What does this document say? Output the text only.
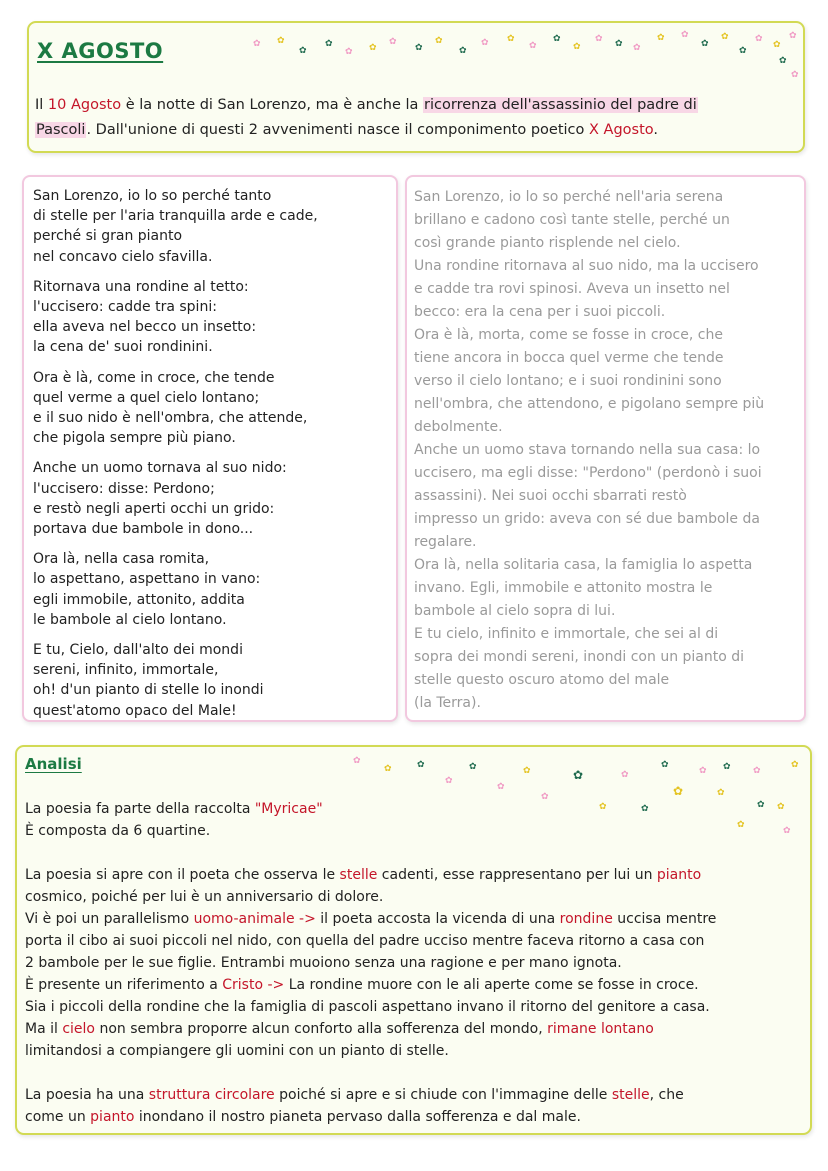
X AGOSTO
Il 10 Agosto è la notte di San Lorenzo, ma è anche la ricorrenza dell'assassinio del padre di
Pascoli. Dall'unione di questi 2 avvenimenti nasce il componimento poetico X Agosto.
✿ ✿
✿
✿
✿ ✿
✿
✿
✿
✿
✿ ✿
✿
✿
✿
✿ ✿ ✿
✿ ✿
✿
✿
✿
✿
✿
✿
✿
✿
San Lorenzo, io lo so perché tanto
di stelle per l'aria tranquilla arde e cade,
perché si gran pianto
nel concavo cielo sfavilla.
Ritornava una rondine al tetto:
l'uccisero: cadde tra spini:
ella aveva nel becco un insetto:
la cena de' suoi rondinini.
Ora è là, come in croce, che tende
quel verme a quel cielo lontano;
e il suo nido è nell'ombra, che attende,
che pigola sempre più piano.
Anche un uomo tornava al suo nido:
l'uccisero: disse: Perdono;
e restò negli aperti occhi un grido:
portava due bambole in dono...
Ora là, nella casa romita,
lo aspettano, aspettano in vano:
egli immobile, attonito, addita
le bambole al cielo lontano.
E tu, Cielo, dall'alto dei mondi
sereni, infinito, immortale,
oh! d'un pianto di stelle lo inondi
quest'atomo opaco del Male!
San Lorenzo, io lo so perché nell'aria serena
brillano e cadono così tante stelle, perché un
così grande pianto risplende nel cielo.
Una rondine ritornava al suo nido, ma la uccisero
e cadde tra rovi spinosi. Aveva un insetto nel
becco: era la cena per i suoi piccoli.
Ora è là, morta, come se fosse in croce, che
tiene ancora in bocca quel verme che tende
verso il cielo lontano; e i suoi rondinini sono
nell'ombra, che attendono, e pigolano sempre più
debolmente.
Anche un uomo stava tornando nella sua casa: lo
uccisero, ma egli disse: "Perdono" (perdonò i suoi
assassini). Nei suoi occhi sbarrati restò
impresso un grido: aveva con sé due bambole da
regalare.
Ora là, nella solitaria casa, la famiglia lo aspetta
invano. Egli, immobile e attonito mostra le
bambole al cielo sopra di lui.
E tu cielo, infinito e immortale, che sei al di
sopra dei mondi sereni, inondi con un pianto di
stelle questo oscuro atomo del male
(la Terra).
Analisi

La poesia fa parte della raccolta "Myricae"

È composta da 6 quartine.

La poesia si apre con il poeta che osserva le stelle cadenti, esse rappresentano per lui un pianto

cosmico, poiché per lui è un anniversario di dolore.

Vi è poi un parallelismo uomo-animale -> il poeta accosta la vicenda di una rondine uccisa mentre

porta il cibo ai suoi piccoli nel nido, con quella del padre ucciso mentre faceva ritorno a casa con

2 bambole per le sue figlie. Entrambi muoiono senza una ragione e per mano ignota.

È presente un riferimento a Cristo -> La rondine muore con le ali aperte come se fosse in croce.

Sia i piccoli della rondine che la famiglia di pascoli aspettano invano il ritorno del genitore a casa.

Ma il cielo non sembra proporre alcun conforto alla sofferenza del mondo, rimane lontano

limitandosi a compiangere gli uomini con un pianto di stelle.

La poesia ha una struttura circolare poiché si apre e si chiude con l'immagine delle stelle, che

come un pianto inondano il nostro pianeta pervaso dalla sofferenza e dal male.

✿
✿	✿
✿
✿
✿
✿
✿
✿
✿
✿
✿
✿
✿
✿
✿
✿ ✿
✿
✿ ✿
✿
✿
